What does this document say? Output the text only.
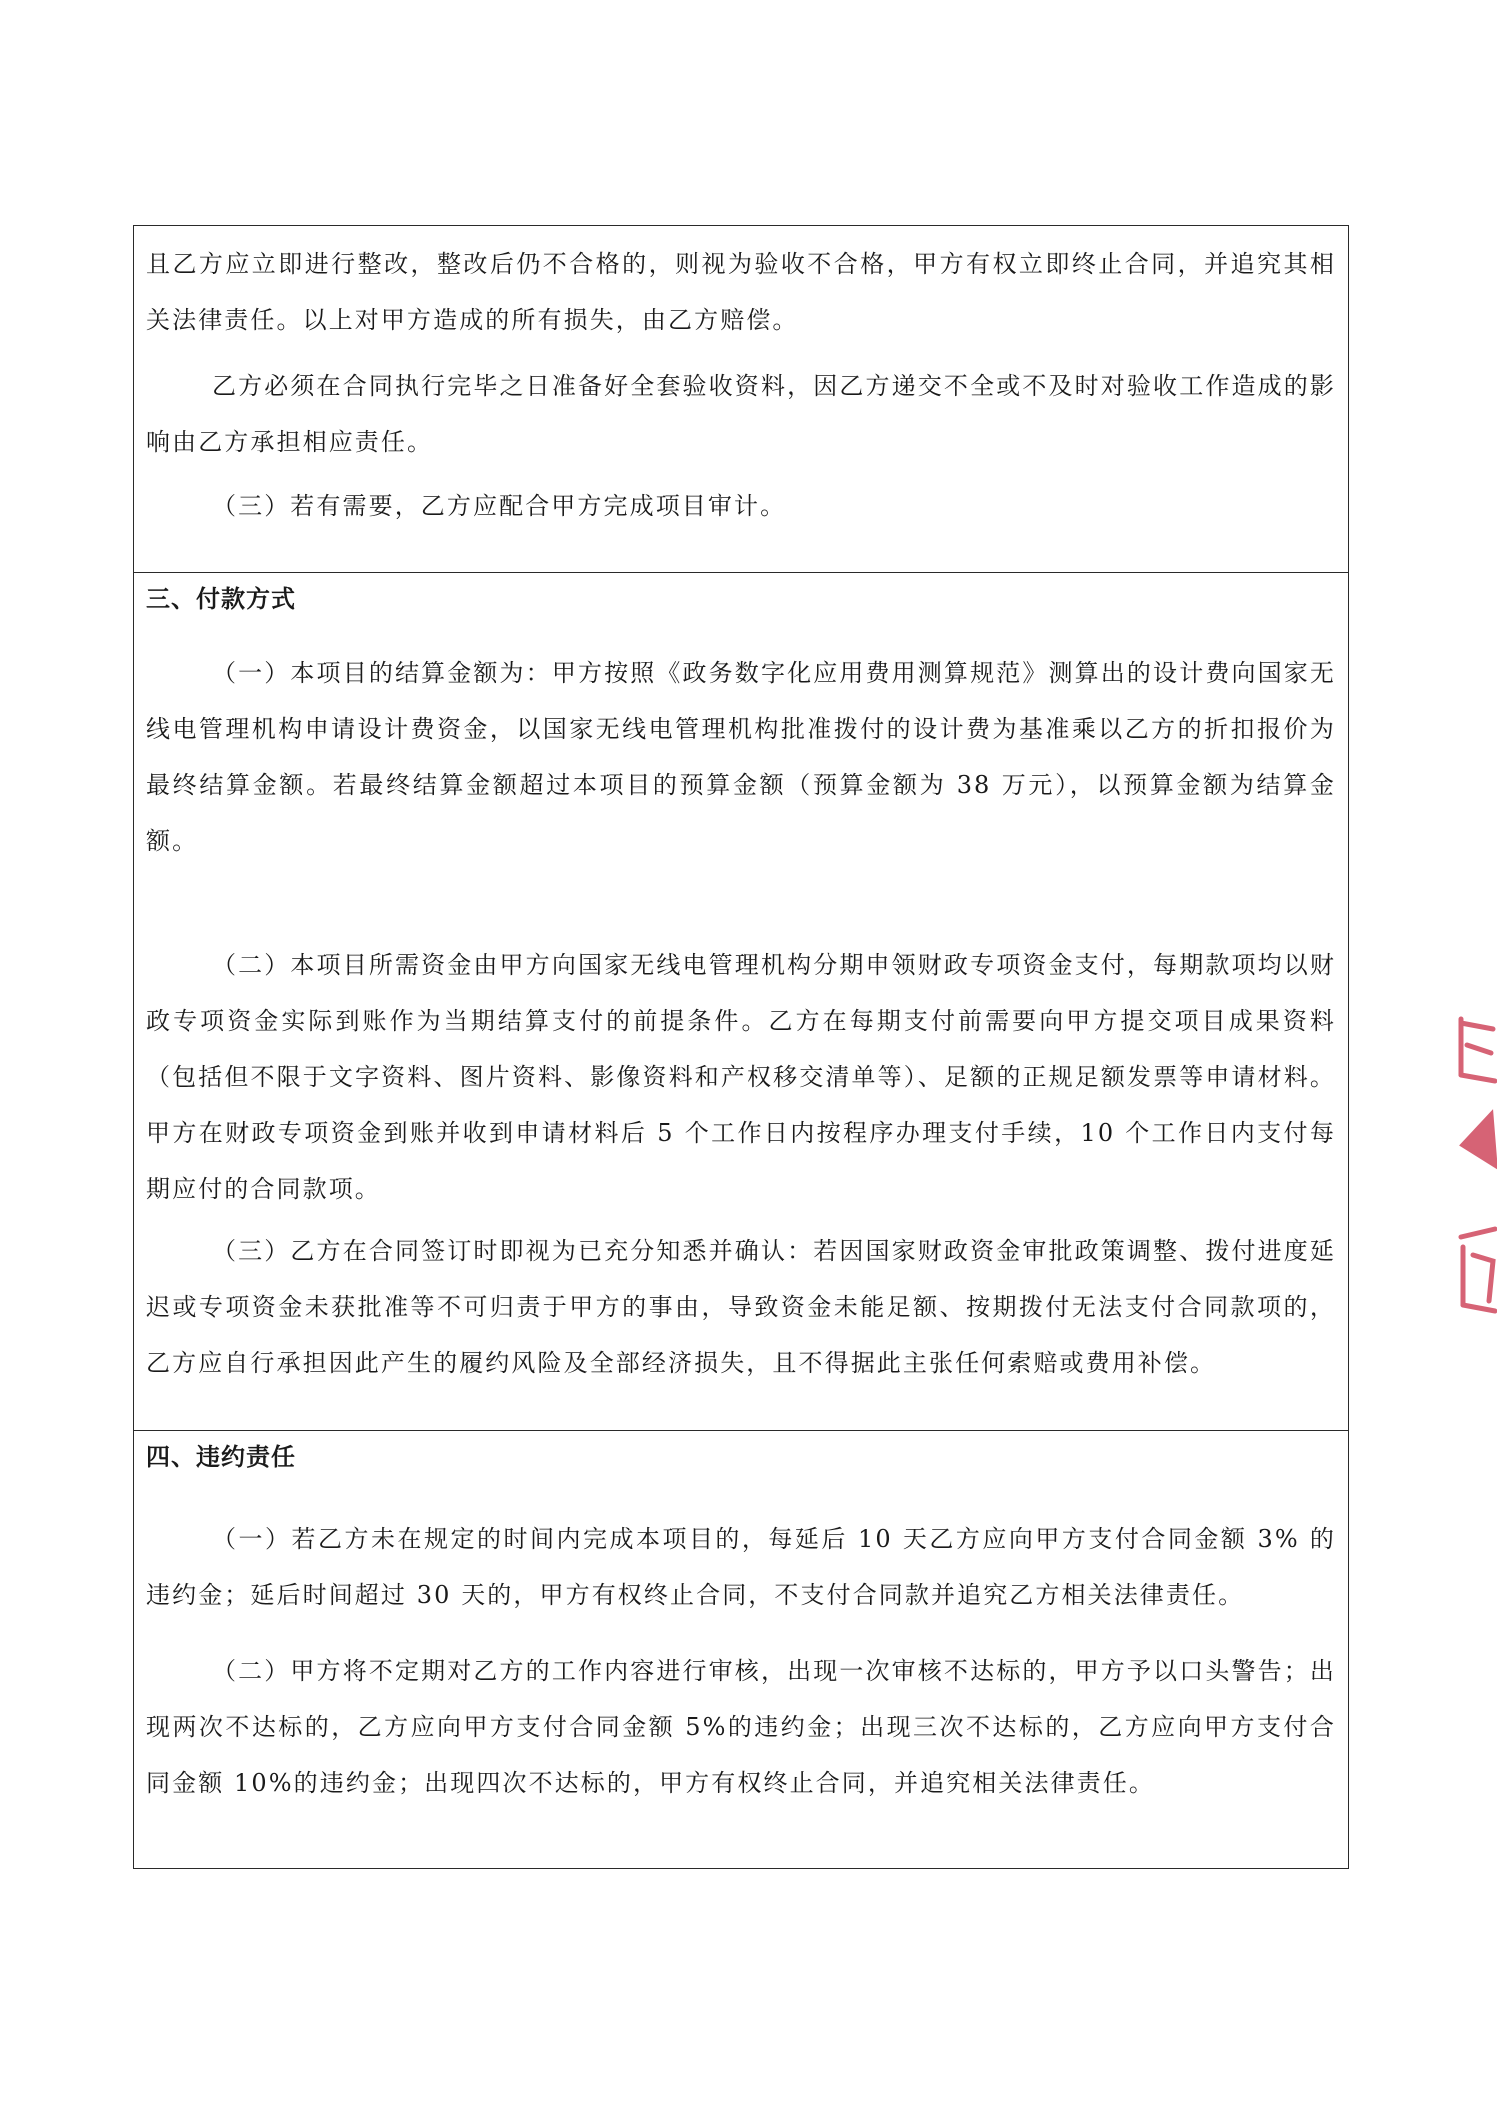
且乙方应立即进行整改，整改后仍不合格的，则视为验收不合格，甲方有权立即终止合同，并追究其相关法律责任。以上对甲方造成的所有损失，由乙方赔偿。
乙方必须在合同执行完毕之日准备好全套验收资料，因乙方递交不全或不及时对验收工作造成的影响由乙方承担相应责任。
（三）若有需要，乙方应配合甲方完成项目审计。
三、付款方式
（一）本项目的结算金额为：甲方按照《政务数字化应用费用测算规范》测算出的设计费向国家无线电管理机构申请设计费资金，以国家无线电管理机构批准拨付的设计费为基准乘以乙方的折扣报价为最终结算金额。若最终结算金额超过本项目的预算金额（预算金额为 38 万元），以预算金额为结算金额。
（二）本项目所需资金由甲方向国家无线电管理机构分期申领财政专项资金支付，每期款项均以财政专项资金实际到账作为当期结算支付的前提条件。乙方在每期支付前需要向甲方提交项目成果资料（包括但不限于文字资料、图片资料、影像资料和产权移交清单等）、足额的正规足额发票等申请材料。甲方在财政专项资金到账并收到申请材料后 5 个工作日内按程序办理支付手续，10 个工作日内支付每期应付的合同款项。
（三）乙方在合同签订时即视为已充分知悉并确认：若因国家财政资金审批政策调整、拨付进度延迟或专项资金未获批准等不可归责于甲方的事由，导致资金未能足额、按期拨付无法支付合同款项的，乙方应自行承担因此产生的履约风险及全部经济损失，且不得据此主张任何索赔或费用补偿。
四、违约责任
（一）若乙方未在规定的时间内完成本项目的，每延后 10 天乙方应向甲方支付合同金额 3% 的违约金；延后时间超过 30 天的，甲方有权终止合同，不支付合同款并追究乙方相关法律责任。
（二）甲方将不定期对乙方的工作内容进行审核，出现一次审核不达标的，甲方予以口头警告；出现两次不达标的，乙方应向甲方支付合同金额 5%的违约金；出现三次不达标的，乙方应向甲方支付合同金额 10%的违约金；出现四次不达标的，甲方有权终止合同，并追究相关法律责任。
